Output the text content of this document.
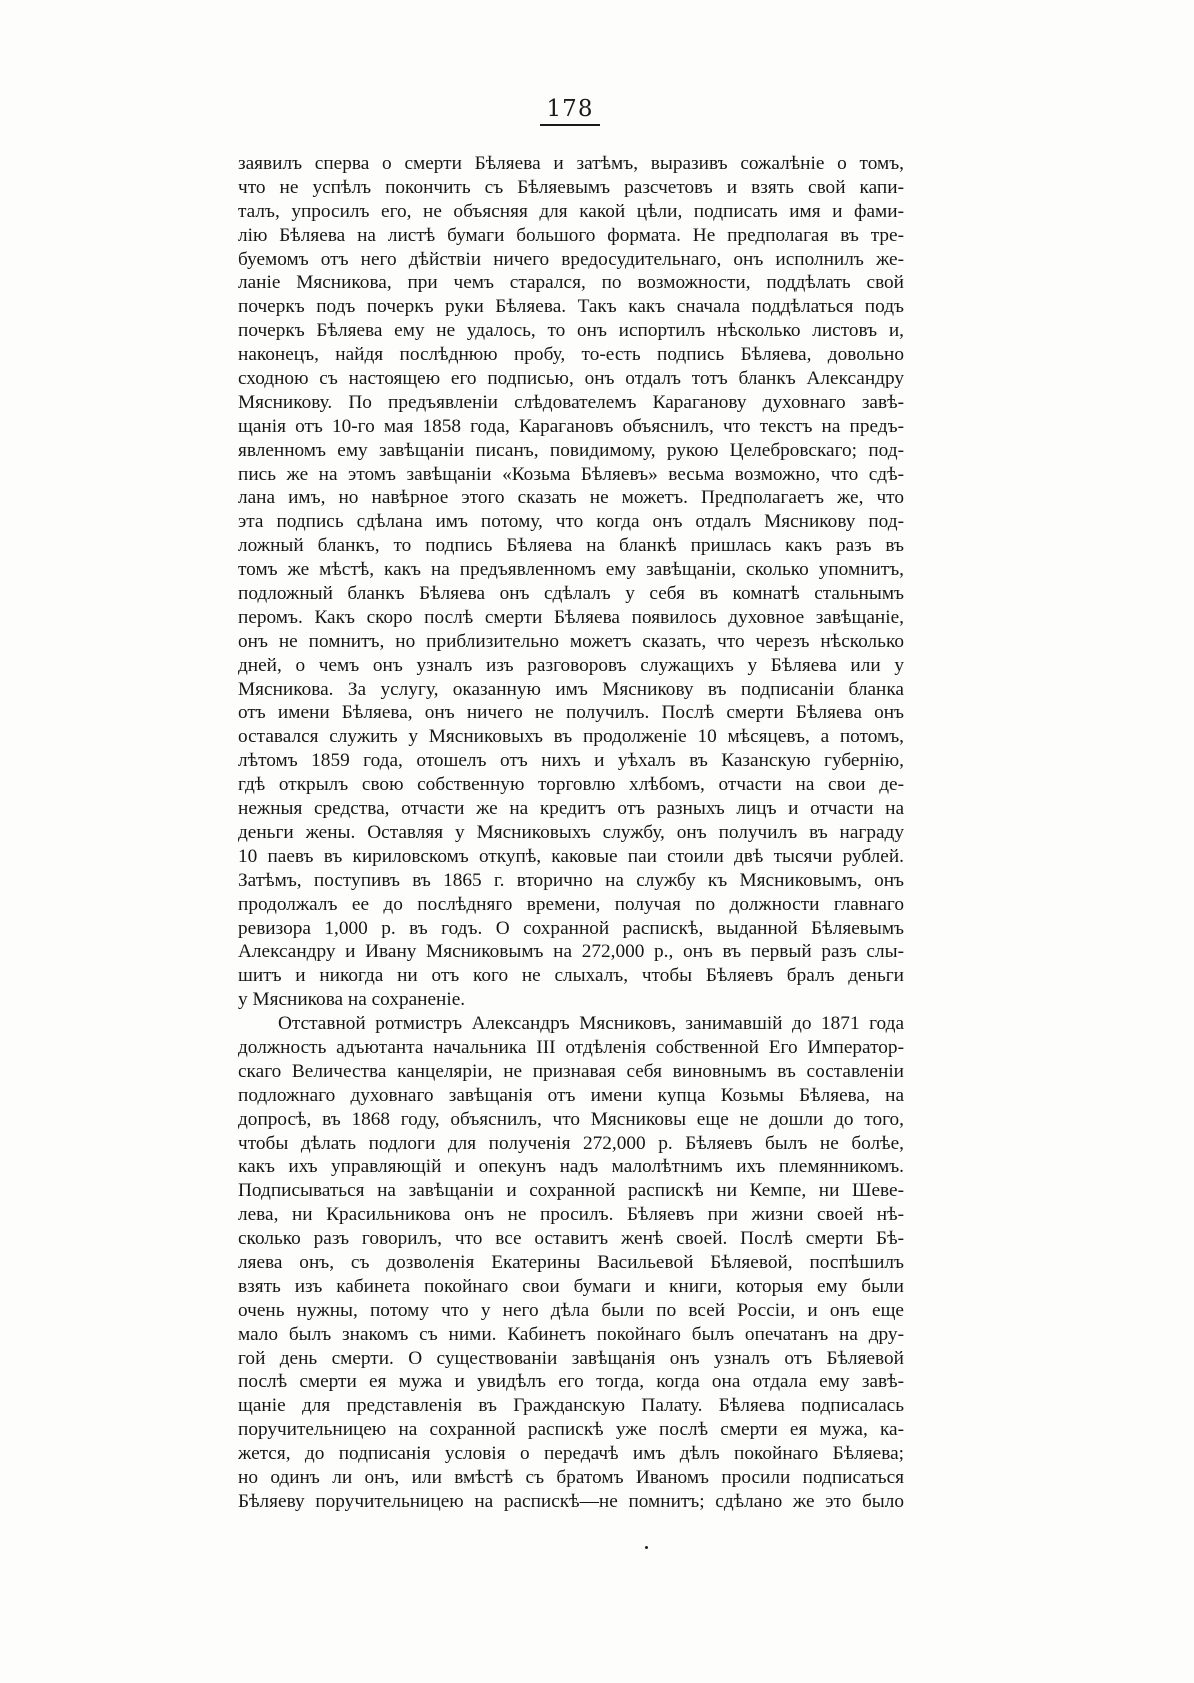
178
заявилъ сперва о смерти Бѣляева и затѣмъ, выразивъ сожалѣніе о томъ,
что не успѣлъ покончить съ Бѣляевымъ разсчетовъ и взять свой капи-
талъ, упросилъ его, не объясняя для какой цѣли, подписать имя и фами-
лію Бѣляева на листѣ бумаги большого формата. Не предполагая въ тре-
буемомъ отъ него дѣйствіи ничего вредосудительнаго, онъ исполнилъ же-
ланіе Мясникова, при чемъ старался, по возможности, поддѣлать свой
почеркъ подъ почеркъ руки Бѣляева. Такъ какъ сначала поддѣлаться подъ
почеркъ Бѣляева ему не удалось, то онъ испортилъ нѣсколько листовъ и,
наконецъ, найдя послѣднюю пробу, то-есть подпись Бѣляева, довольно
сходною съ настоящею его подписью, онъ отдалъ тотъ бланкъ Александру
Мясникову. По предъявленіи слѣдователемъ Караганову духовнаго завѣ-
щанія отъ 10-го мая 1858 года, Карагановъ объяснилъ, что текстъ на предъ-
явленномъ ему завѣщаніи писанъ, повидимому, рукою Целебровскаго; под-
пись же на этомъ завѣщаніи «Козьма Бѣляевъ» весьма возможно, что сдѣ-
лана имъ, но навѣрное этого сказать не можетъ. Предполагаетъ же, что
эта подпись сдѣлана имъ потому, что когда онъ отдалъ Мясникову под-
ложный бланкъ, то подпись Бѣляева на бланкѣ пришлась какъ разъ въ
томъ же мѣстѣ, какъ на предъявленномъ ему завѣщаніи, сколько упомнитъ,
подложный бланкъ Бѣляева онъ сдѣлалъ у себя въ комнатѣ стальнымъ
перомъ. Какъ скоро послѣ смерти Бѣляева появилось духовное завѣщаніе,
онъ не помнитъ, но приблизительно можетъ сказать, что черезъ нѣсколько
дней, о чемъ онъ узналъ изъ разговоровъ служащихъ у Бѣляева или у
Мясникова. За услугу, оказанную имъ Мясникову въ подписаніи бланка
отъ имени Бѣляева, онъ ничего не получилъ. Послѣ смерти Бѣляева онъ
оставался служить у Мясниковыхъ въ продолженіе 10 мѣсяцевъ, а потомъ,
лѣтомъ 1859 года, отошелъ отъ нихъ и уѣхалъ въ Казанскую губернію,
гдѣ открылъ свою собственную торговлю хлѣбомъ, отчасти на свои де-
нежныя средства, отчасти же на кредитъ отъ разныхъ лицъ и отчасти на
деньги жены. Оставляя у Мясниковыхъ службу, онъ получилъ въ награду
10 паевъ въ кириловскомъ откупѣ, каковые паи стоили двѣ тысячи рублей.
Затѣмъ, поступивъ въ 1865 г. вторично на службу къ Мясниковымъ, онъ
продолжалъ ее до послѣдняго времени, получая по должности главнаго
ревизора 1,000 р. въ годъ. О сохранной распискѣ, выданной Бѣляевымъ
Александру и Ивану Мясниковымъ на 272,000 р., онъ въ первый разъ слы-
шитъ и никогда ни отъ кого не слыхалъ, чтобы Бѣляевъ бралъ деньги
у Мясникова на сохраненіе.
Отставной ротмистръ Александръ Мясниковъ, занимавшій до 1871 года
должность адъютанта начальника III отдѣленія собственной Его Император-
скаго Величества канцеляріи, не признавая себя виновнымъ въ составленіи
подложнаго духовнаго завѣщанія отъ имени купца Козьмы Бѣляева, на
допросѣ, въ 1868 году, объяснилъ, что Мясниковы еще не дошли до того,
чтобы дѣлать подлоги для полученія 272,000 р. Бѣляевъ былъ не болѣе,
какъ ихъ управляющій и опекунъ надъ малолѣтнимъ ихъ племянникомъ.
Подписываться на завѣщаніи и сохранной распискѣ ни Кемпе, ни Шеве-
лева, ни Красильникова онъ не просилъ. Бѣляевъ при жизни своей нѣ-
сколько разъ говорилъ, что все оставитъ женѣ своей. Послѣ смерти Бѣ-
ляева онъ, съ дозволенія Екатерины Васильевой Бѣляевой, поспѣшилъ
взять изъ кабинета покойнаго свои бумаги и книги, которыя ему были
очень нужны, потому что у него дѣла были по всей Россіи, и онъ еще
мало былъ знакомъ съ ними. Кабинетъ покойнаго былъ опечатанъ на дру-
гой день смерти. О существованіи завѣщанія онъ узналъ отъ Бѣляевой
послѣ смерти ея мужа и увидѣлъ его тогда, когда она отдала ему завѣ-
щаніе для представленія въ Гражданскую Палату. Бѣляева подписалась
поручительницею на сохранной распискѣ уже послѣ смерти ея мужа, ка-
жется, до подписанія условія о передачѣ имъ дѣлъ покойнаго Бѣляева;
но одинъ ли онъ, или вмѣстѣ съ братомъ Иваномъ просили подписаться
Бѣляеву поручительницею на распискѣ—не помнитъ; сдѣлано же это было
